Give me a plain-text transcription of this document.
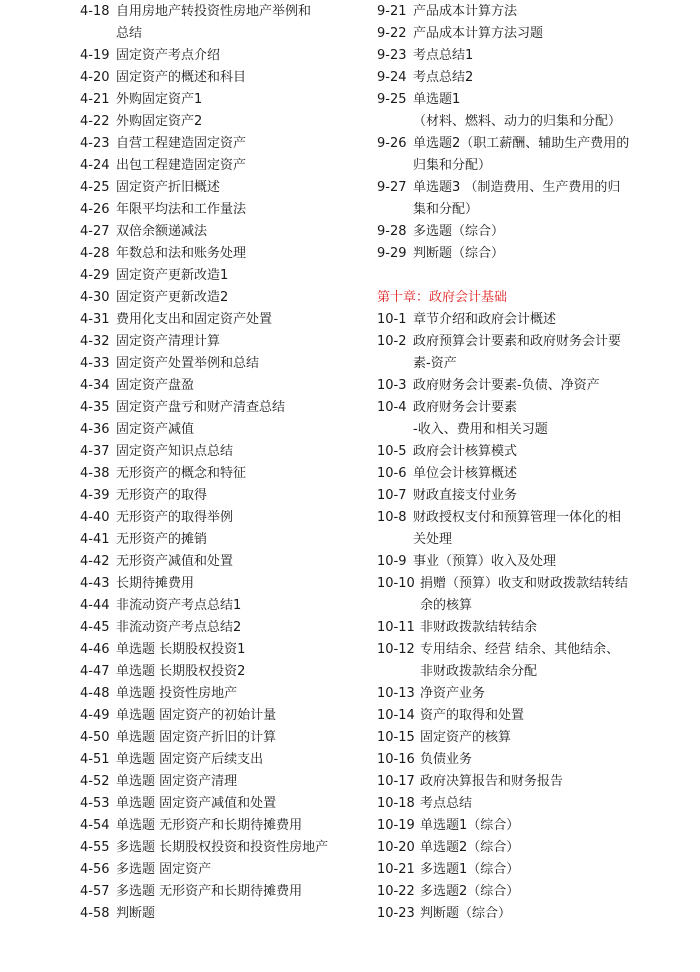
4-18 自用房地产转投资性房地产举例和
总结
4-19 固定资产考点介绍
4-20 固定资产的概述和科目
4-21 外购固定资产1
4-22 外购固定资产2
4-23 自营工程建造固定资产
4-24 出包工程建造固定资产
4-25 固定资产折旧概述
4-26 年限平均法和工作量法
4-27 双倍余额递减法
4-28 年数总和法和账务处理
4-29 固定资产更新改造1
4-30 固定资产更新改造2
4-31 费用化支出和固定资产处置
4-32 固定资产清理计算
4-33 固定资产处置举例和总结
4-34 固定资产盘盈
4-35 固定资产盘亏和财产清查总结
4-36 固定资产减值
4-37 固定资产知识点总结
4-38 无形资产的概念和特征
4-39 无形资产的取得
4-40 无形资产的取得举例
4-41 无形资产的摊销
4-42 无形资产减值和处置
4-43 长期待摊费用
4-44 非流动资产考点总结1
4-45 非流动资产考点总结2
4-46 单选题 长期股权投资1
4-47 单选题 长期股权投资2
4-48 单选题 投资性房地产
4-49 单选题 固定资产的初始计量
4-50 单选题 固定资产折旧的计算
4-51 单选题 固定资产后续支出
4-52 单选题 固定资产清理
4-53 单选题 固定资产减值和处置
4-54 单选题 无形资产和长期待摊费用
4-55 多选题 长期股权投资和投资性房地产
4-56 多选题 固定资产
4-57 多选题 无形资产和长期待摊费用
4-58 判断题
9-21 产品成本计算方法
9-22 产品成本计算方法习题
9-23 考点总结1
9-24 考点总结2
9-25 单选题1
（材料、燃料、动力的归集和分配）
9-26 单选题2（职工薪酬、辅助生产费用的
归集和分配）
9-27 单选题3 （制造费用、生产费用的归
集和分配）
9-28 多选题（综合）
9-29 判断题（综合）
第十章：政府会计基础
10-1 章节介绍和政府会计概述
10-2 政府预算会计要素和政府财务会计要
素-资产
10-3 政府财务会计要素-负债、净资产
10-4 政府财务会计要素
-收入、费用和相关习题
10-5 政府会计核算模式
10-6 单位会计核算概述
10-7 财政直接支付业务
10-8 财政授权支付和预算管理一体化的相
关处理
10-9 事业（预算）收入及处理
10-10 捐赠（预算）收支和财政拨款结转结
余的核算
10-11 非财政拨款结转结余
10-12 专用结余、经营 结余、其他结余、
非财政拨款结余分配
10-13 净资产业务
10-14 资产的取得和处置
10-15 固定资产的核算
10-16 负债业务
10-17 政府决算报告和财务报告
10-18 考点总结
10-19 单选题1（综合）
10-20 单选题2（综合）
10-21 多选题1（综合）
10-22 多选题2（综合）
10-23 判断题（综合）
